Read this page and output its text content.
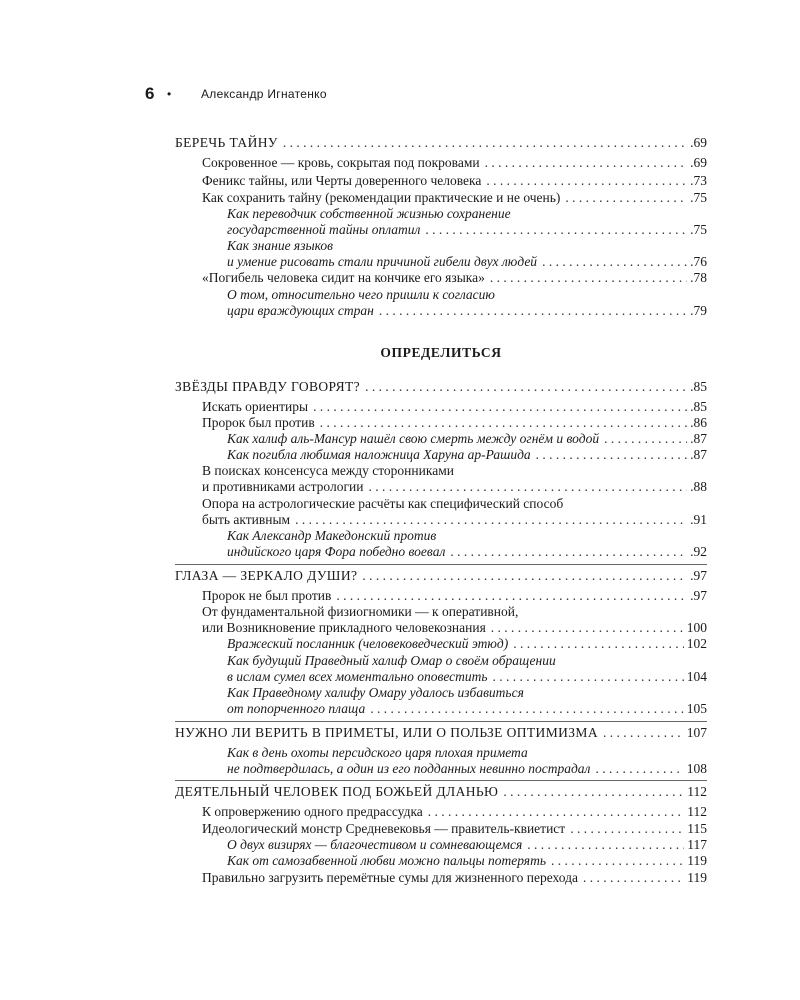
6	•	Александр Игнатенко
БЕРЕЧЬ ТАЙНУ . . .	.69
Сокровенное — кровь, сокрытая под покровами . . .	.69
Феникс тайны, или Черты доверенного человека . . .	.73
Как сохранить тайну (рекомендации практические и не очень) . . .	.75
Как переводчик собственной жизнью сохранение
государственной тайны оплатил . . .	.75
Как знание языков
и умение рисовать стали причиной гибели двух людей . . .	.76
«Погибель человека сидит на кончике его языка» . . .	.78
О том, относительно чего пришли к согласию
цари враждующих стран . . .	.79
ОПРЕДЕЛИТЬСЯ
ЗВЁЗДЫ ПРАВДУ ГОВОРЯТ? . . .	.85
Искать ориентиры . . .	.85
Пророк был против . . .	.86
Как халиф аль-Мансур нашёл свою смерть между огнём и водой . . .	.87
Как погибла любимая наложница Харуна ар-Рашида . . .	.87
В поисках консенсуса между сторонниками
и противниками астрологии . . .	.88
Опора на астрологические расчёты как специфический способ
быть активным . . .	.91
Как Александр Македонский против
индийского царя Фора победно воевал . . .	.92
ГЛАЗА — ЗЕРКАЛО ДУШИ? . . .	.97
Пророк не был против . . .	.97
От фундаментальной физиогномики — к оперативной,
или Возникновение прикладного человекознания . . .	100
Вражеский посланник (человековедческий этюд) . . .	102
Как будущий Праведный халиф Омар о своём обращении
в ислам сумел всех моментально оповестить . . .	104
Как Праведному халифу Омару удалось избавиться
от попорченного плаща . . .	105
НУЖНО ЛИ ВЕРИТЬ В ПРИМЕТЫ, ИЛИ О ПОЛЬЗЕ ОПТИМИЗМА . . .	107
Как в день охоты персидского царя плохая примета
не подтвердилась, а один из его подданных невинно пострадал . . .	108
ДЕЯТЕЛЬНЫЙ ЧЕЛОВЕК ПОД БОЖЬЕЙ ДЛАНЬЮ . . .	112
К опровержению одного предрассудка . . .	112
Идеологический монстр Средневековья — правитель-квиетист . . .	115
О двух визирях — благочестивом и сомневающемся . . .	117
Как от самозабвенной любви можно пальцы потерять . . .	119
Правильно загрузить перемётные сумы для жизненного перехода . . .	119
